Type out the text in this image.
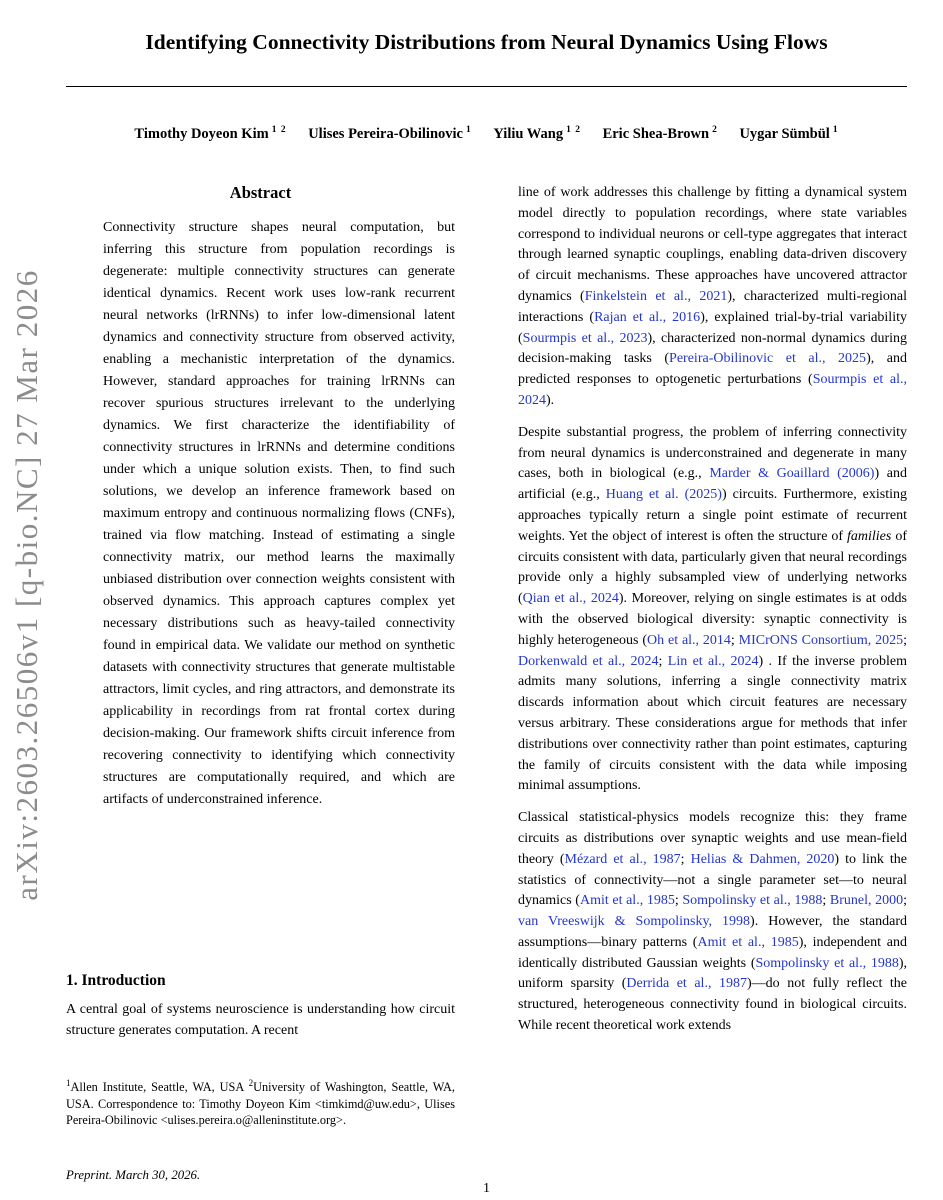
arXiv:2603.26506v1 [q-bio.NC] 27 Mar 2026
Identifying Connectivity Distributions from Neural Dynamics Using Flows
Timothy Doyeon Kim $^{1 2}$ Ulises Pereira-Obilinovic $^1$ Yiliu Wang $^{1 2}$ Eric Shea-Brown $^2$ Uygar Sümbül $^1$
Abstract
Connectivity structure shapes neural computation, but inferring this structure from population recordings is degenerate: multiple connectivity structures can generate identical dynamics. Recent work uses low-rank recurrent neural networks (lrRNNs) to infer low-dimensional latent dynamics and connectivity structure from observed activity, enabling a mechanistic interpretation of the dynamics. However, standard approaches for training lrRNNs can recover spurious structures irrelevant to the underlying dynamics. We first characterize the identifiability of connectivity structures in lrRNNs and determine conditions under which a unique solution exists. Then, to find such solutions, we develop an inference framework based on maximum entropy and continuous normalizing flows (CNFs), trained via flow matching. Instead of estimating a single connectivity matrix, our method learns the maximally unbiased distribution over connection weights consistent with observed dynamics. This approach captures complex yet necessary distributions such as heavy-tailed connectivity found in empirical data. We validate our method on synthetic datasets with connectivity structures that generate multistable attractors, limit cycles, and ring attractors, and demonstrate its applicability in recordings from rat frontal cortex during decision-making. Our framework shifts circuit inference from recovering connectivity to identifying which connectivity structures are computationally required, and which are artifacts of underconstrained inference.
1. Introduction

A central goal of systems neuroscience is understanding how circuit structure generates computation. A recent

$^1$Allen Institute, Seattle, WA, USA $^2$University of Washington, Seattle, WA, USA. Correspondence to: Timothy Doyeon Kim <timkimd@uw.edu>, Ulises Pereira-Obilinovic <ulises.pereira.o@alleninstitute.org>.
Preprint. March 30, 2026.

line of work addresses this challenge by fitting a dynamical system model directly to population recordings, where state variables correspond to individual neurons or cell-type aggregates that interact through learned synaptic couplings, enabling data-driven discovery of circuit mechanisms. These approaches have uncovered attractor dynamics (Finkelstein et al., 2021), characterized multi-regional interactions (Rajan et al., 2016), explained trial-by-trial variability (Sourmpis et al., 2023), characterized non-normal dynamics during decision-making tasks (Pereira-Obilinovic et al., 2025), and predicted responses to optogenetic perturbations (Sourmpis et al., 2024).

Despite substantial progress, the problem of inferring connectivity from neural dynamics is underconstrained and degenerate in many cases, both in biological (e.g., Marder & Goaillard (2006)) and artificial (e.g., Huang et al. (2025)) circuits. Furthermore, existing approaches typically return a single point estimate of recurrent weights. Yet the object of interest is often the structure of families of circuits consistent with data, particularly given that neural recordings provide only a highly subsampled view of underlying networks (Qian et al., 2024). Moreover, relying on single estimates is at odds with the observed biological diversity: synaptic connectivity is highly heterogeneous (Oh et al., 2014; MICrONS Consortium, 2025; Dorkenwald et al., 2024; Lin et al., 2024) . If the inverse problem admits many solutions, inferring a single connectivity matrix discards information about which circuit features are necessary versus arbitrary. These considerations argue for methods that infer distributions over connectivity rather than point estimates, capturing the family of circuits consistent with the data while imposing minimal assumptions.

Classical statistical-physics models recognize this: they frame circuits as distributions over synaptic weights and use mean-field theory (Mézard et al., 1987; Helias & Dahmen, 2020) to link the statistics of connectivity—not a single parameter set—to neural dynamics (Amit et al., 1985; Sompolinsky et al., 1988; Brunel, 2000; van Vreeswijk & Sompolinsky, 1998). However, the standard assumptions—binary patterns (Amit et al., 1985), independent and identically distributed Gaussian weights (Sompolinsky et al., 1988), uniform sparsity (Derrida et al., 1987)—do not fully reflect the structured, heterogeneous connectivity found in biological circuits. While recent theoretical work extends

1
